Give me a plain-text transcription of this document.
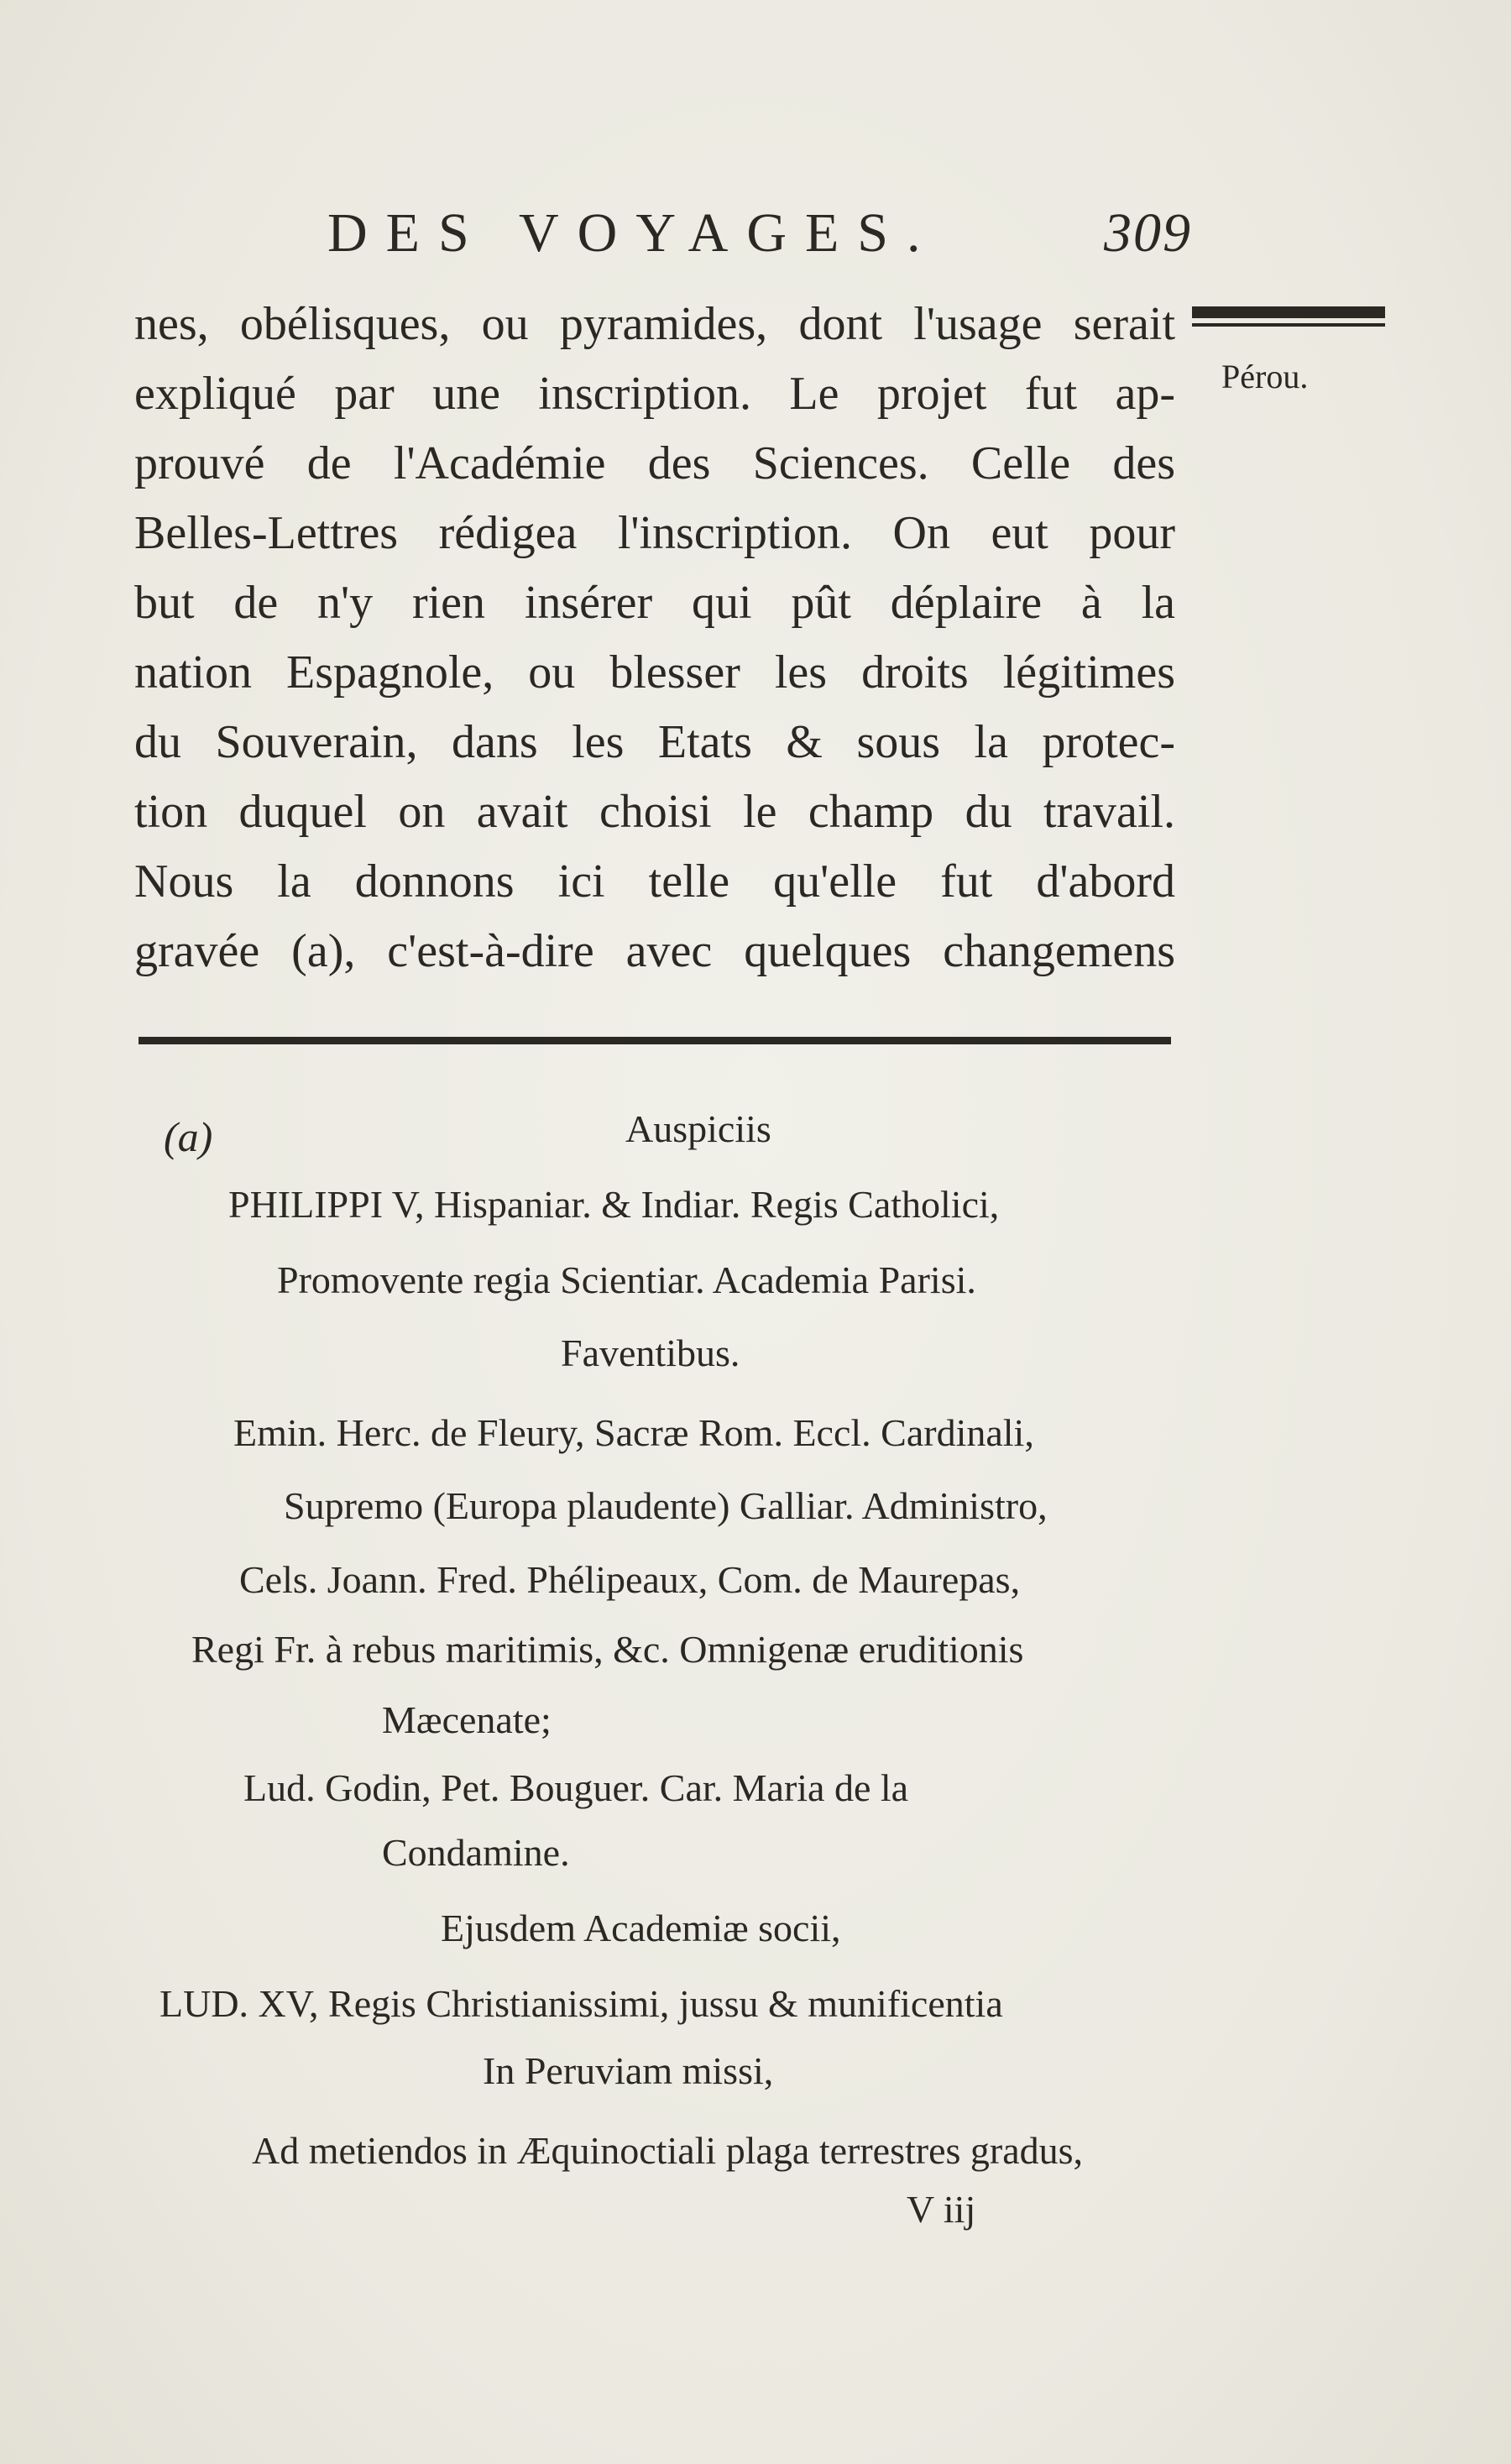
DES VOYAGES.	309
Pérou.
nes, obélisques, ou pyramides, dont l'usage serait
expliqué par une inscription. Le projet fut ap-
prouvé de l'Académie des Sciences. Celle des
Belles-Lettres rédigea l'inscription. On eut pour
but de n'y rien insérer qui pût déplaire à la
nation Espagnole, ou blesser les droits légitimes
du Souverain, dans les Etats & sous la protec-
tion duquel on avait choisi le champ du travail.
Nous la donnons ici telle qu'elle fut d'abord
gravée (a), c'est-à-dire avec quelques changemens
(a)	Auspiciis
PHILIPPI V, Hispaniar. & Indiar. Regis Catholici,
Promovente regia Scientiar. Academia Parisi.
Faventibus.
Emin. Herc. de Fleury, Sacræ Rom. Eccl. Cardinali,
Supremo (Europa plaudente) Galliar. Administro,
Cels. Joann. Fred. Phélipeaux, Com. de Maurepas,
Regi Fr. à rebus maritimis, &c. Omnigenæ eruditionis
Mæcenate;
Lud. Godin, Pet. Bouguer. Car. Maria de la
Condamine.
Ejusdem Academiæ socii,
LUD. XV, Regis Christianissimi, jussu & munificentia
In Peruviam missi,
Ad metiendos in Æquinoctiali plaga terrestres gradus,
V iij
